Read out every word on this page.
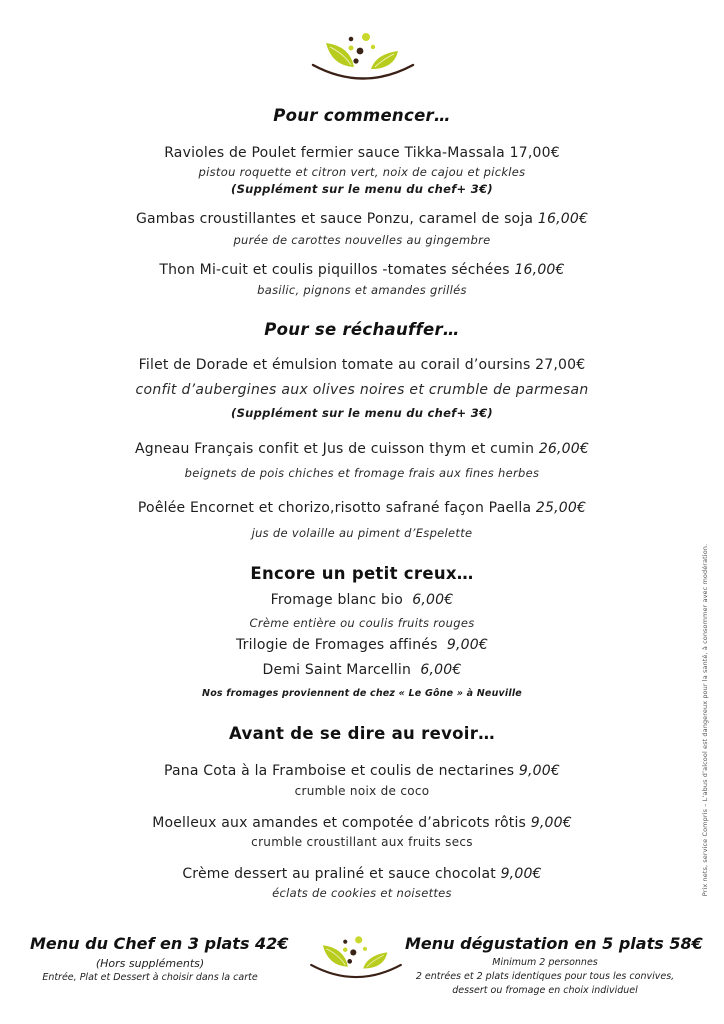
Pour commencer…
Ravioles de Poulet fermier sauce Tikka-Massala 17,00€
pistou roquette et citron vert, noix de cajou et pickles
(Supplément sur le menu du chef+ 3€)
Gambas croustillantes et sauce Ponzu, caramel de soja 16,00€
purée de carottes nouvelles au gingembre
Thon Mi-cuit et coulis piquillos -tomates séchées 16,00€
basilic, pignons et amandes grillés
Pour se réchauffer…
Filet de Dorade et émulsion tomate au corail d’oursins 27,00€
confit d’aubergines aux olives noires et crumble de parmesan
(Supplément sur le menu du chef+ 3€)
Agneau Français confit et Jus de cuisson thym et cumin 26,00€
beignets de pois chiches et fromage frais aux fines herbes
Poêlée Encornet et chorizo,risotto safrané façon Paella 25,00€
jus de volaille au piment d’Espelette
Encore un petit creux…
Fromage blanc bio 6,00€
Crème entière ou coulis fruits rouges
Trilogie de Fromages affinés 9,00€
Demi Saint Marcellin 6,00€
Nos fromages proviennent de chez « Le Gône » à Neuville
Avant de se dire au revoir…
Pana Cota à la Framboise et coulis de nectarines 9,00€
crumble noix de coco
Moelleux aux amandes et compotée d’abricots rôtis 9,00€
crumble croustillant aux fruits secs
Crème dessert au praliné et sauce chocolat 9,00€
éclats de cookies et noisettes
Menu du Chef en 3 plats 42€
(Hors suppléments)
Entrée, Plat et Dessert à choisir dans la carte
Menu dégustation en 5 plats 58€
Minimum 2 personnes
2 entrées et 2 plats identiques pour tous les convives,
dessert ou fromage en choix individuel
Prix nets, service Compris – L’abus d’alcool est dangereux pour la santé, à consommer avec modération.
